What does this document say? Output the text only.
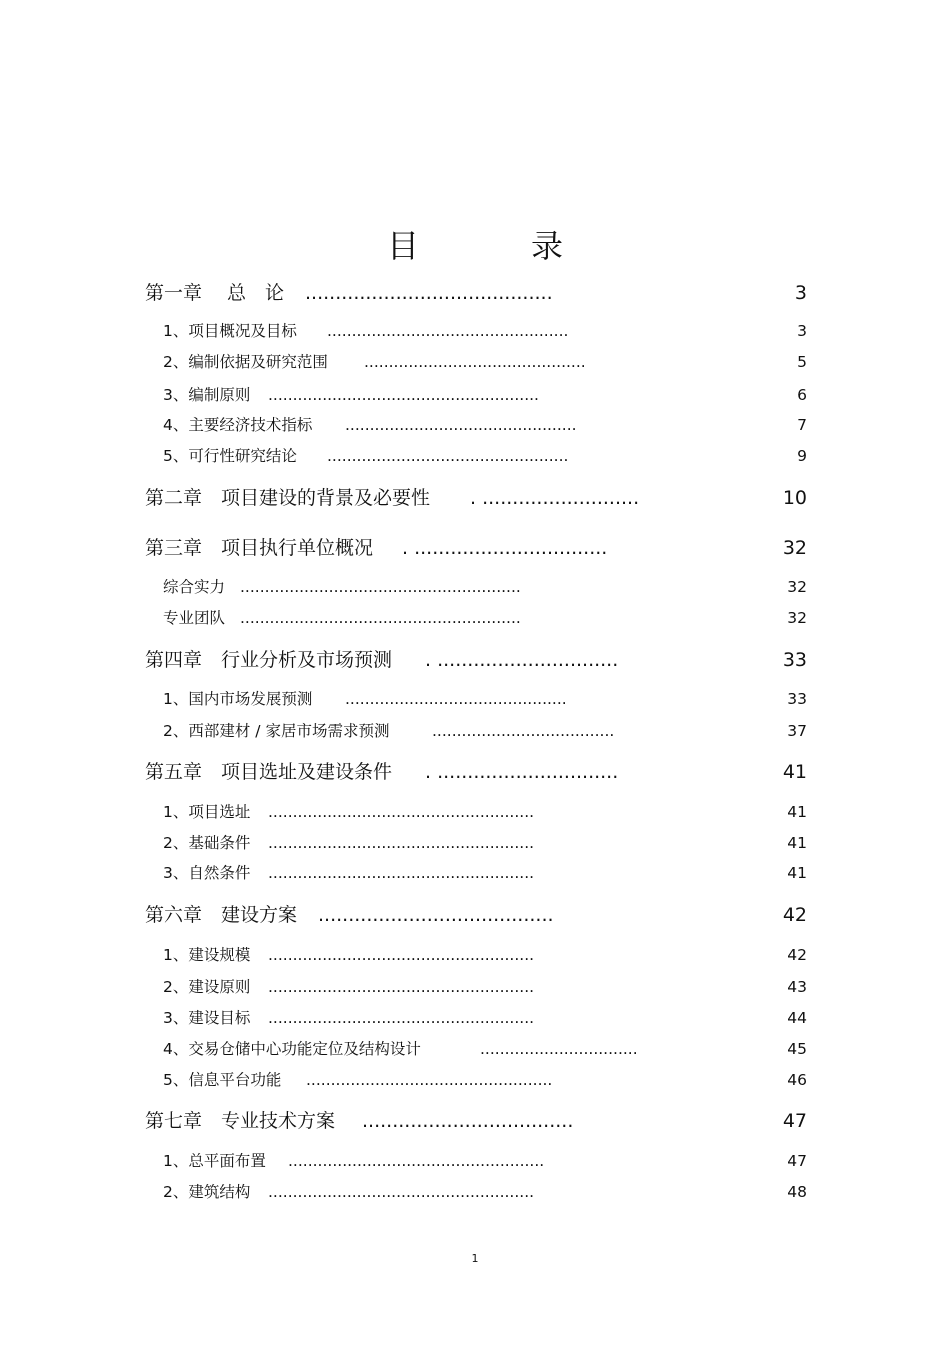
目　录
第一章　 总　论 .........................................	3
1、项目概况及目标 .................................................	3
2、编制依据及研究范围 .............................................	5
3、编制原则 .......................................................	6
4、主要经济技术指标 ...............................................	7
5、可行性研究结论 .................................................	9
第二章　项目建设的背景及必要性 . ..........................	10
第三章　项目执行单位概况 . ................................	32
综合实力 .........................................................	32
专业团队 .........................................................	32
第四章　行业分析及市场预测 . ..............................	33
1、国内市场发展预测 .............................................	33
2、西部建材 / 家居市场需求预测	.....................................	37
第五章　项目选址及建设条件 . ..............................	41
1、项目选址 ......................................................	41
2、基础条件 ......................................................	41
3、自然条件 ......................................................	41
第六章　建设方案 .......................................	42
1、建设规模 ......................................................	42
2、建设原则 ......................................................	43
3、建设目标 ......................................................	44
4、交易仓储中心功能定位及结构设计	................................	45
5、信息平台功能 ..................................................	46
第七章　专业技术方案 ...................................	47
1、总平面布置 ....................................................	47
2、建筑结构 ......................................................	48
1
